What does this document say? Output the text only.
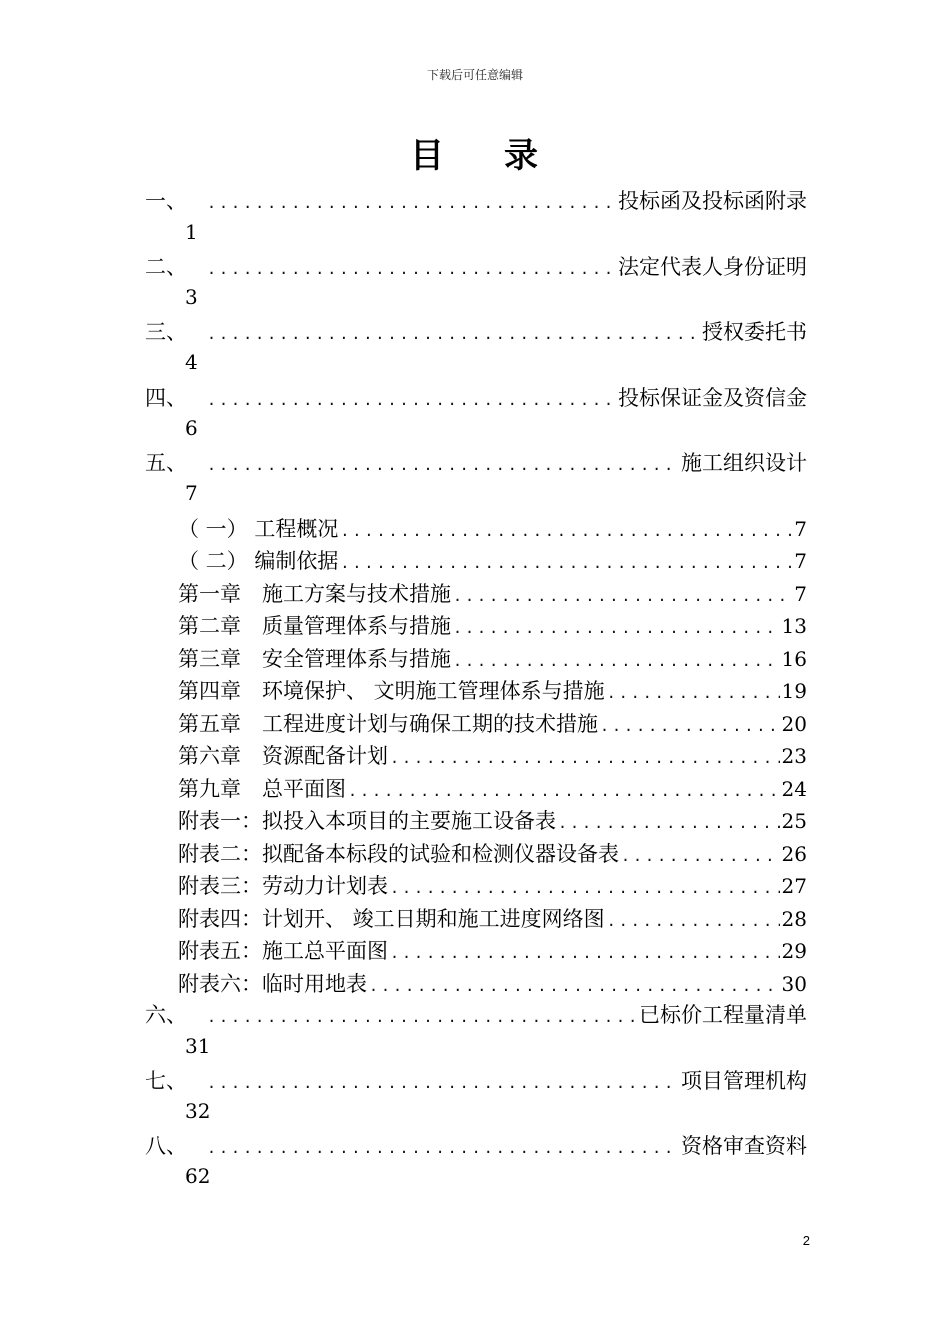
下载后可任意编辑
目 录
一、 .....	投标函及投标函附录
1
二、 .....	法定代表人身份证明
3
三、 .....	授权委托书
4
四、 .....	投标保证金及资信金
6
五、 .....	施工组织设计
7
（ 一） 工程概况 .....	7
（ 二） 编制依据 .....	7
第一章　施工方案与技术措施 .....	7
第二章　质量管理体系与措施 .....	13
第三章　安全管理体系与措施 .....	16
第四章　环境保护、 文明施工管理体系与措施 .....	19
第五章　工程进度计划与确保工期的技术措施 .....	20
第六章　资源配备计划 .....	23
第九章　总平面图 .....	24
附表一：拟投入本项目的主要施工设备表 .....	25
附表二：拟配备本标段的试验和检测仪器设备表 .....	26
附表三：劳动力计划表 .....	27
附表四：计划开、 竣工日期和施工进度网络图 .....	28
附表五：施工总平面图 .....	29
附表六：临时用地表 .....	30
六、 .....	已标价工程量清单
31
七、 .....	项目管理机构
32
八、 .....	资格审查资料
62
2
